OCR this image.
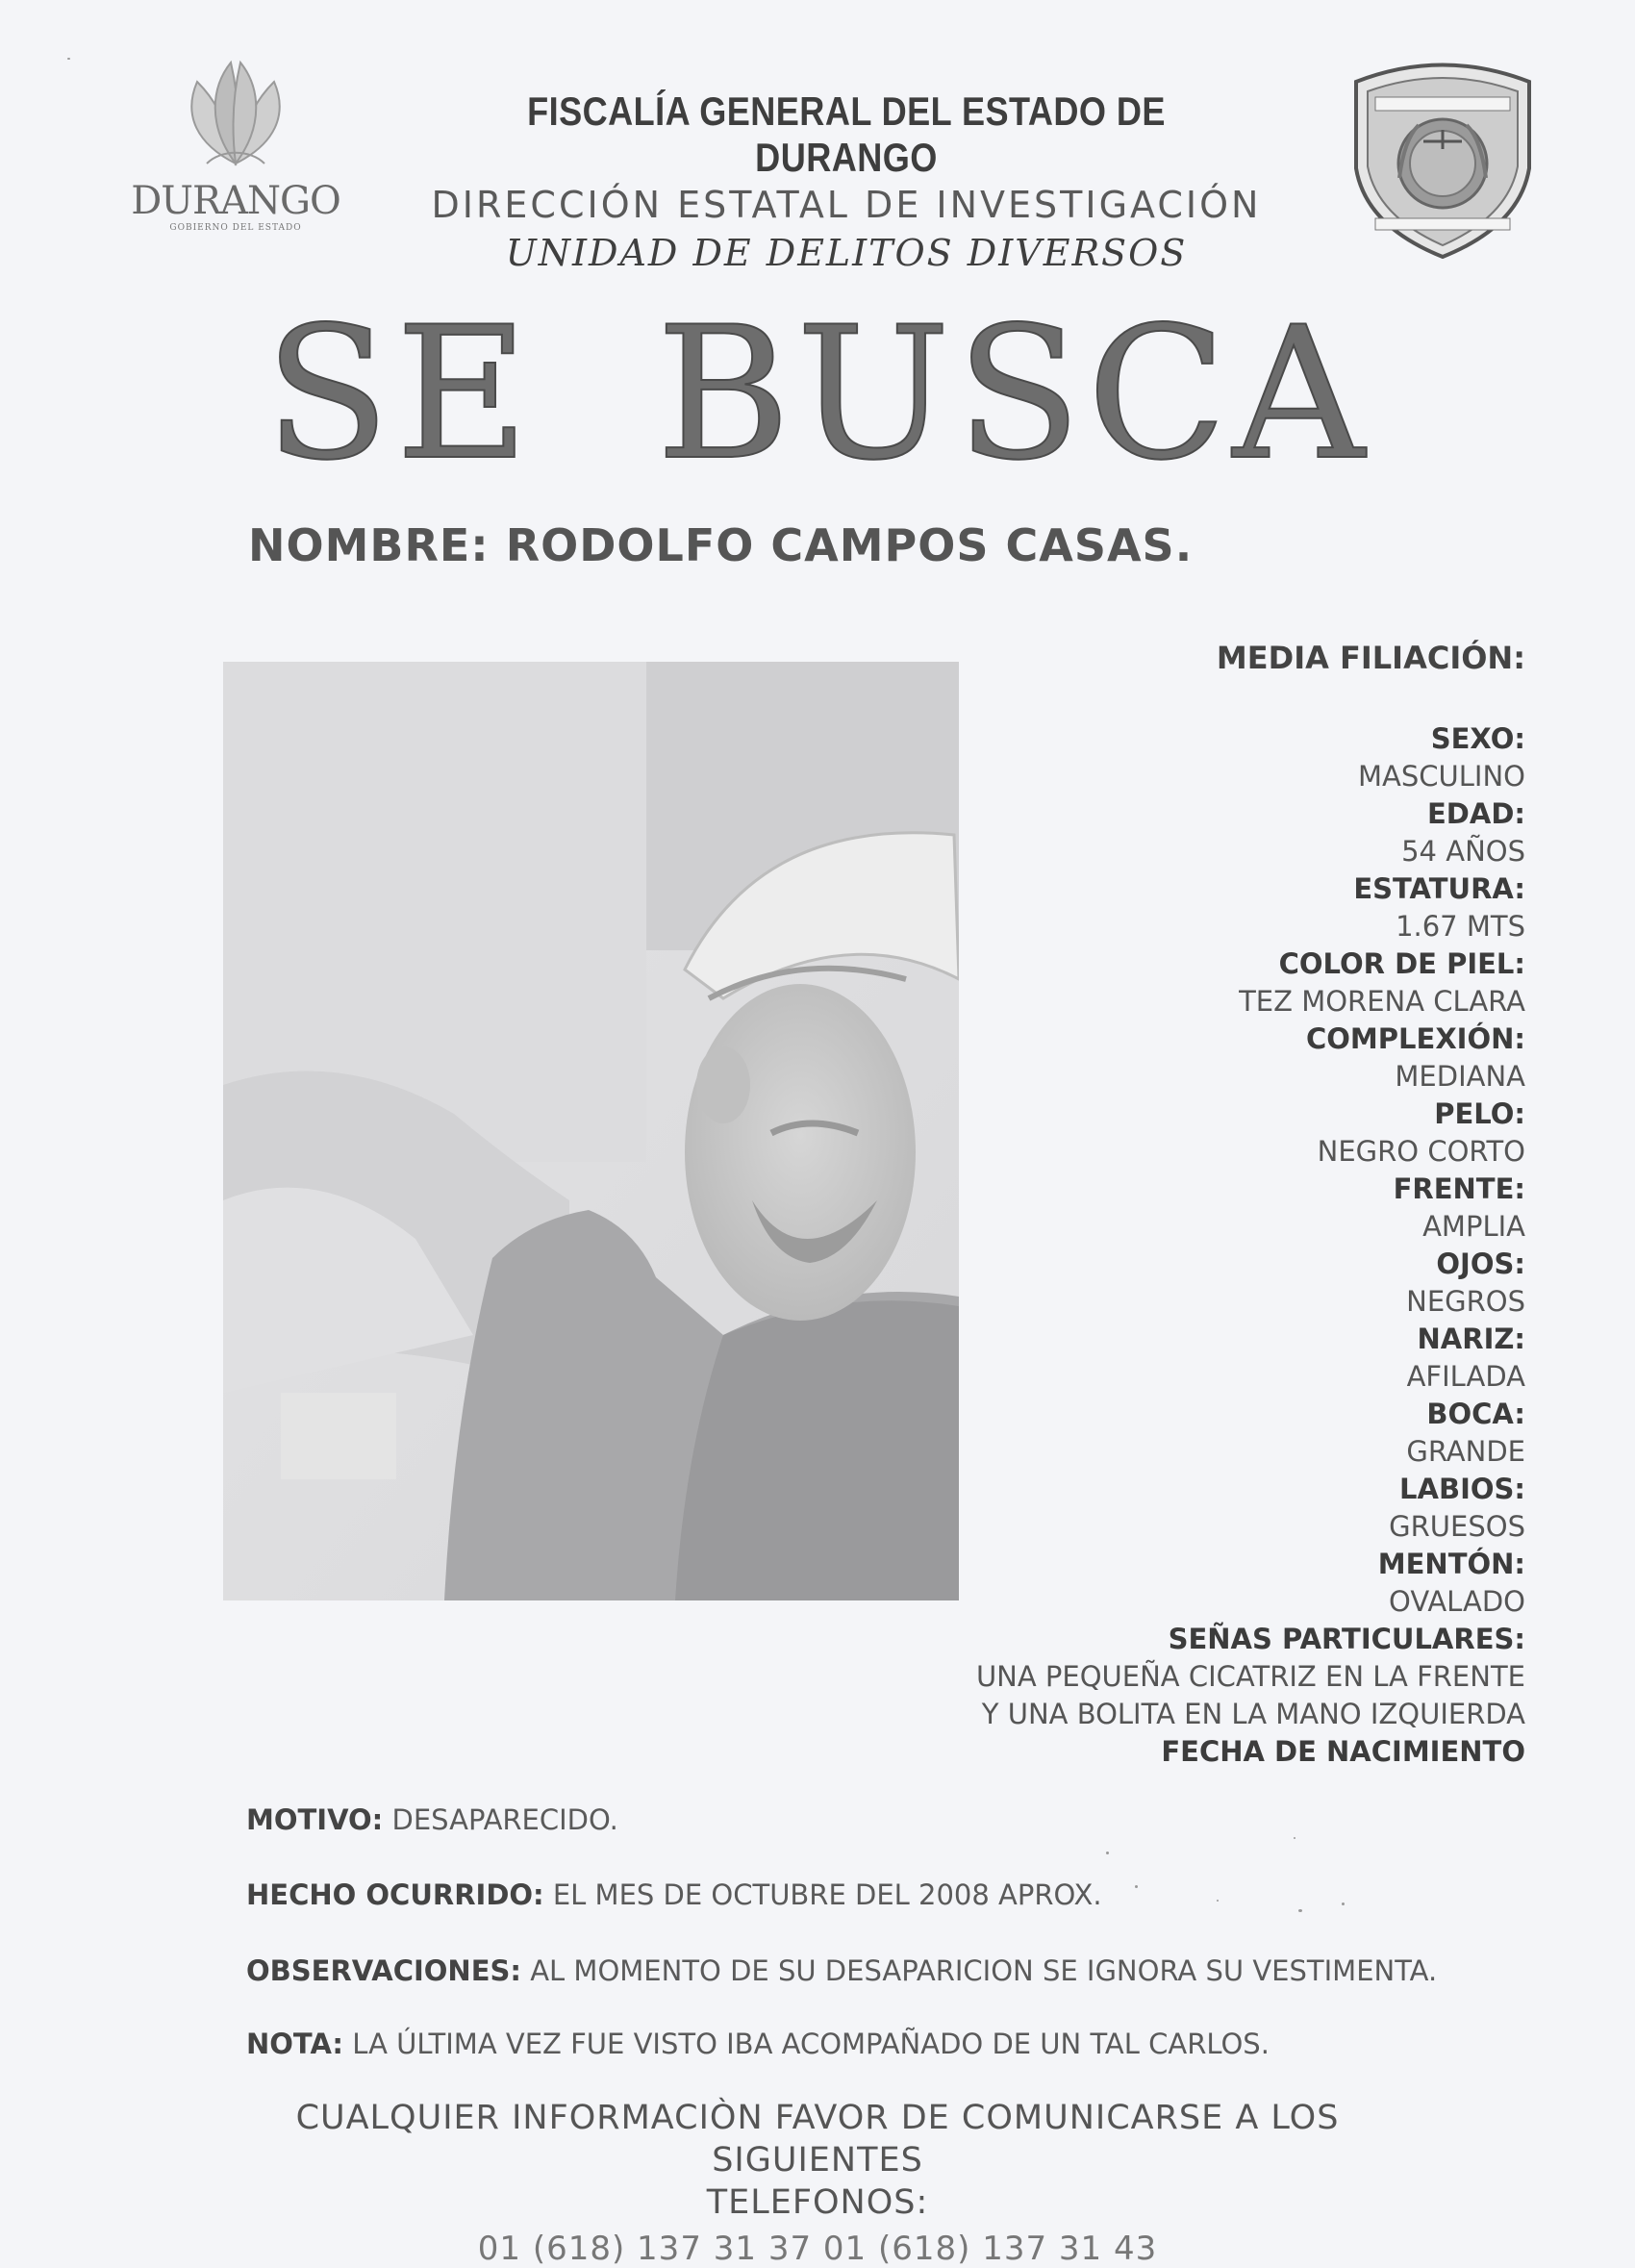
DURANGO
GOBIERNO DEL ESTADO
FISCALÍA GENERAL DEL ESTADO DE DURANGO
DIRECCIÓN ESTATAL DE INVESTIGACIÓN
UNIDAD DE DELITOS DIVERSOS
SE BUSCA
NOMBRE: RODOLFO CAMPOS CASAS.
MEDIA FILIACIÓN:
SEXO:
MASCULINO
EDAD:
54 AÑOS
ESTATURA:
1.67 MTS
COLOR DE PIEL:
TEZ MORENA CLARA
COMPLEXIÓN:
MEDIANA
PELO:
NEGRO CORTO
FRENTE:
AMPLIA
OJOS:
NEGROS
NARIZ:
AFILADA
BOCA:
GRANDE
LABIOS:
GRUESOS
MENTÓN:
OVALADO
SEÑAS PARTICULARES:
UNA PEQUEÑA CICATRIZ EN LA FRENTE
Y UNA BOLITA EN LA MANO IZQUIERDA
FECHA DE NACIMIENTO
MOTIVO: DESAPARECIDO.
HECHO OCURRIDO: EL MES DE OCTUBRE DEL 2008 APROX.
OBSERVACIONES: AL MOMENTO DE SU DESAPARICION SE IGNORA SU VESTIMENTA.
NOTA: LA ÚLTIMA VEZ FUE VISTO IBA ACOMPAÑADO DE UN TAL CARLOS.
CUALQUIER INFORMACIÒN FAVOR DE COMUNICARSE A LOS SIGUIENTES
TELEFONOS:
01 (618) 137 31 37 01 (618) 137 31 43
